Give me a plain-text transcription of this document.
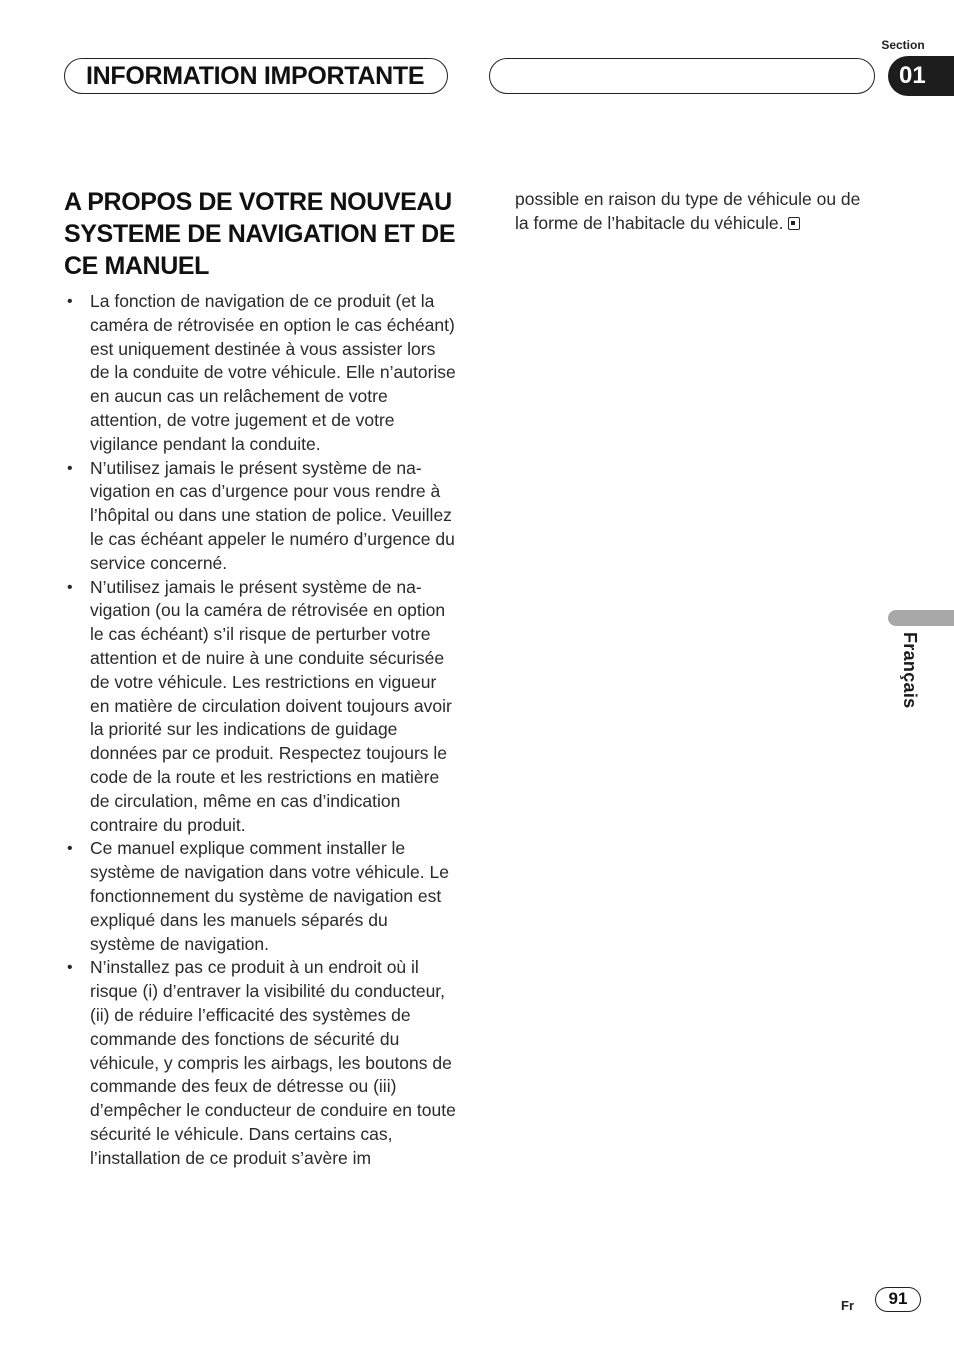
INFORMATION IMPORTANTE
Section
01
Français
A PROPOS DE VOTRE NOUVEAU SYSTEME DE NAVIGATION ET DE CE MANUEL
• La fonction de navigation de ce produit (et la caméra de rétrovisée en option le cas échéant) est uniquement destinée à vous assister lors de la conduite de votre véhicule. Elle n’autorise en aucun cas un relâchement de votre attention, de votre jugement et de votre vigilance pendant la conduite.
• N’utilisez jamais le présent système de navigation en cas d’urgence pour vous rendre à l’hôpital ou dans une station de police. Veuillez le cas échéant appeler le numéro d’urgence du service concerné.
• N’utilisez jamais le présent système de navigation (ou la caméra de rétrovisée en option le cas échéant) s’il risque de perturber votre attention et de nuire à une conduite sécurisée de votre véhicule. Les restrictions en vigueur en matière de circulation doivent toujours avoir la priorité sur les indications de guidage données par ce produit. Respectez toujours le code de la route et les restrictions en matière de circulation, même en cas d’indication contraire du produit.
• Ce manuel explique comment installer le système de navigation dans votre véhicule. Le fonctionnement du système de navigation est expliqué dans les manuels séparés du système de navigation.
• N’installez pas ce produit à un endroit où il risque (i) d’entraver la visibilité du conducteur, (ii) de réduire l’efficacité des systèmes de commande des fonctions de sécurité du véhicule, y compris les airbags, les boutons de commande des feux de détresse ou (iii) d’empêcher le conducteur de conduire en toute sécurité le véhicule. Dans certains cas, l’installation de ce produit s’avère im

possible en raison du type de véhicule ou de la forme de l’habitacle du véhicule.

Fr	91
